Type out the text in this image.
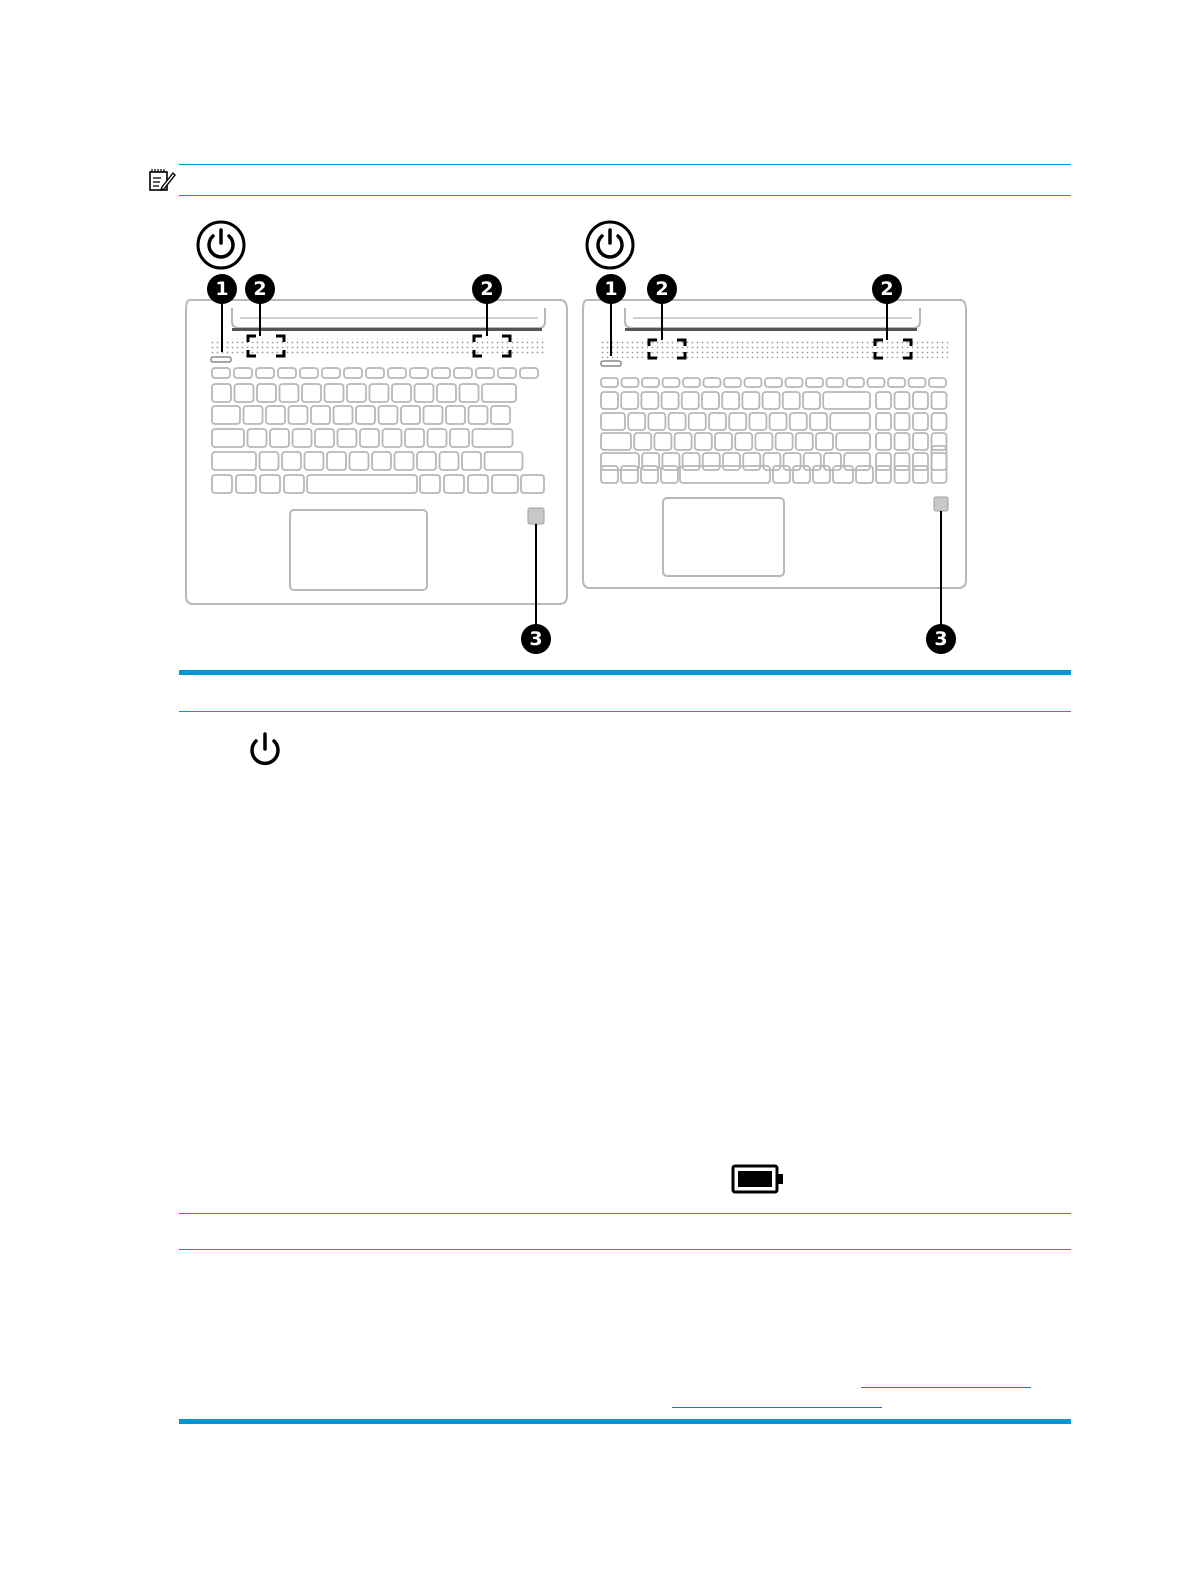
1	2	2
3
1	2	2
3
